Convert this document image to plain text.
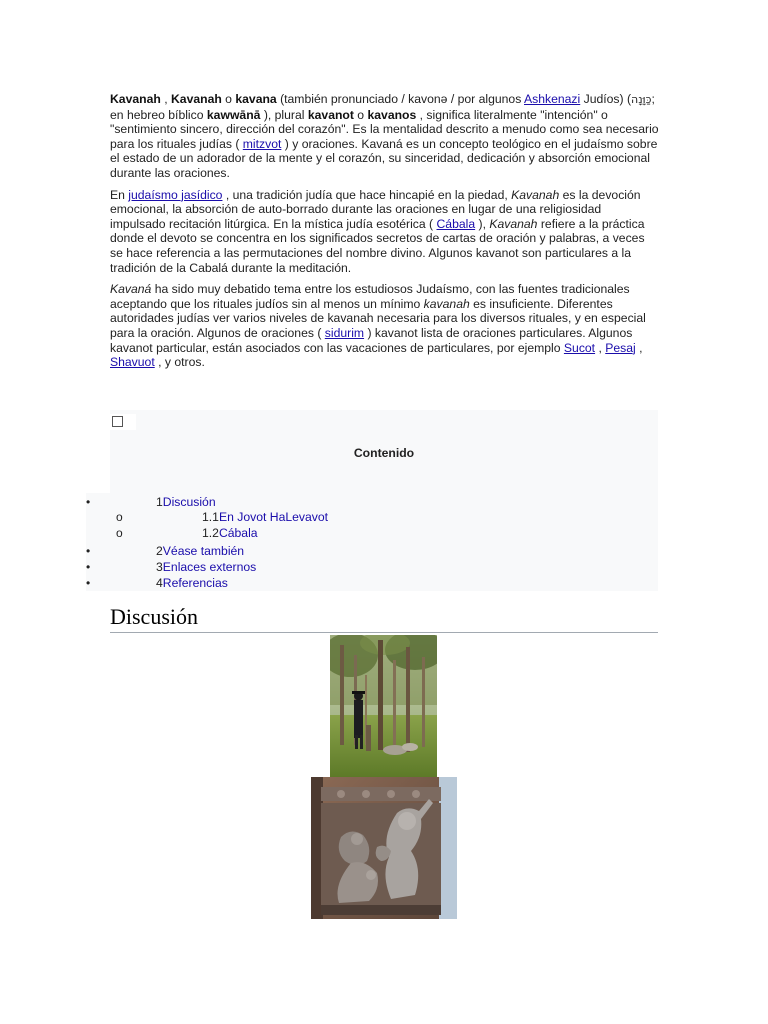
Kavanah , Kavanah o kavana (también pronunciado / kavonə / por algunos Ashkenazi Judíos) (כַּוָּנָה; en hebreo bíblico kawwānā ), plural kavanot o kavanos , significa literalmente "intención" o "sentimiento sincero, dirección del corazón". Es la mentalidad descrito a menudo como sea necesario para los rituales judías ( mitzvot ) y oraciones. Kavaná es un concepto teológico en el judaísmo sobre el estado de un adorador de la mente y el corazón, su sinceridad, dedicación y absorción emocional durante las oraciones.

En judaísmo jasídico , una tradición judía que hace hincapié en la piedad, Kavanah es la devoción emocional, la absorción de auto-borrado durante las oraciones en lugar de una religiosidad impulsado recitación litúrgica. En la mística judía esotérica ( Cábala ), Kavanah refiere a la práctica donde el devoto se concentra en los significados secretos de cartas de oración y palabras, a veces se hace referencia a las permutaciones del nombre divino. Algunos kavanot son particulares a la tradición de la Cabalá durante la meditación.

Kavaná ha sido muy debatido tema entre los estudiosos Judaísmo, con las fuentes tradicionales aceptando que los rituales judíos sin al menos un mínimo kavanah es insuficiente. Diferentes autoridades judías ver varios niveles de kavanah necesaria para los diversos rituales, y en especial para la oración. Algunos de oraciones ( sidurim ) kavanot lista de oraciones particulares. Algunos kavanot particular, están asociados con las vacaciones de particulares, por ejemplo Sucot , Pesaj , Shavuot , y otros.

Contenido
•	1Discusión
o	1.1En Jovot HaLevavot
o	1.2Cábala
•	2Véase también
•	3Enlaces externos
•	4Referencias
Discusión
